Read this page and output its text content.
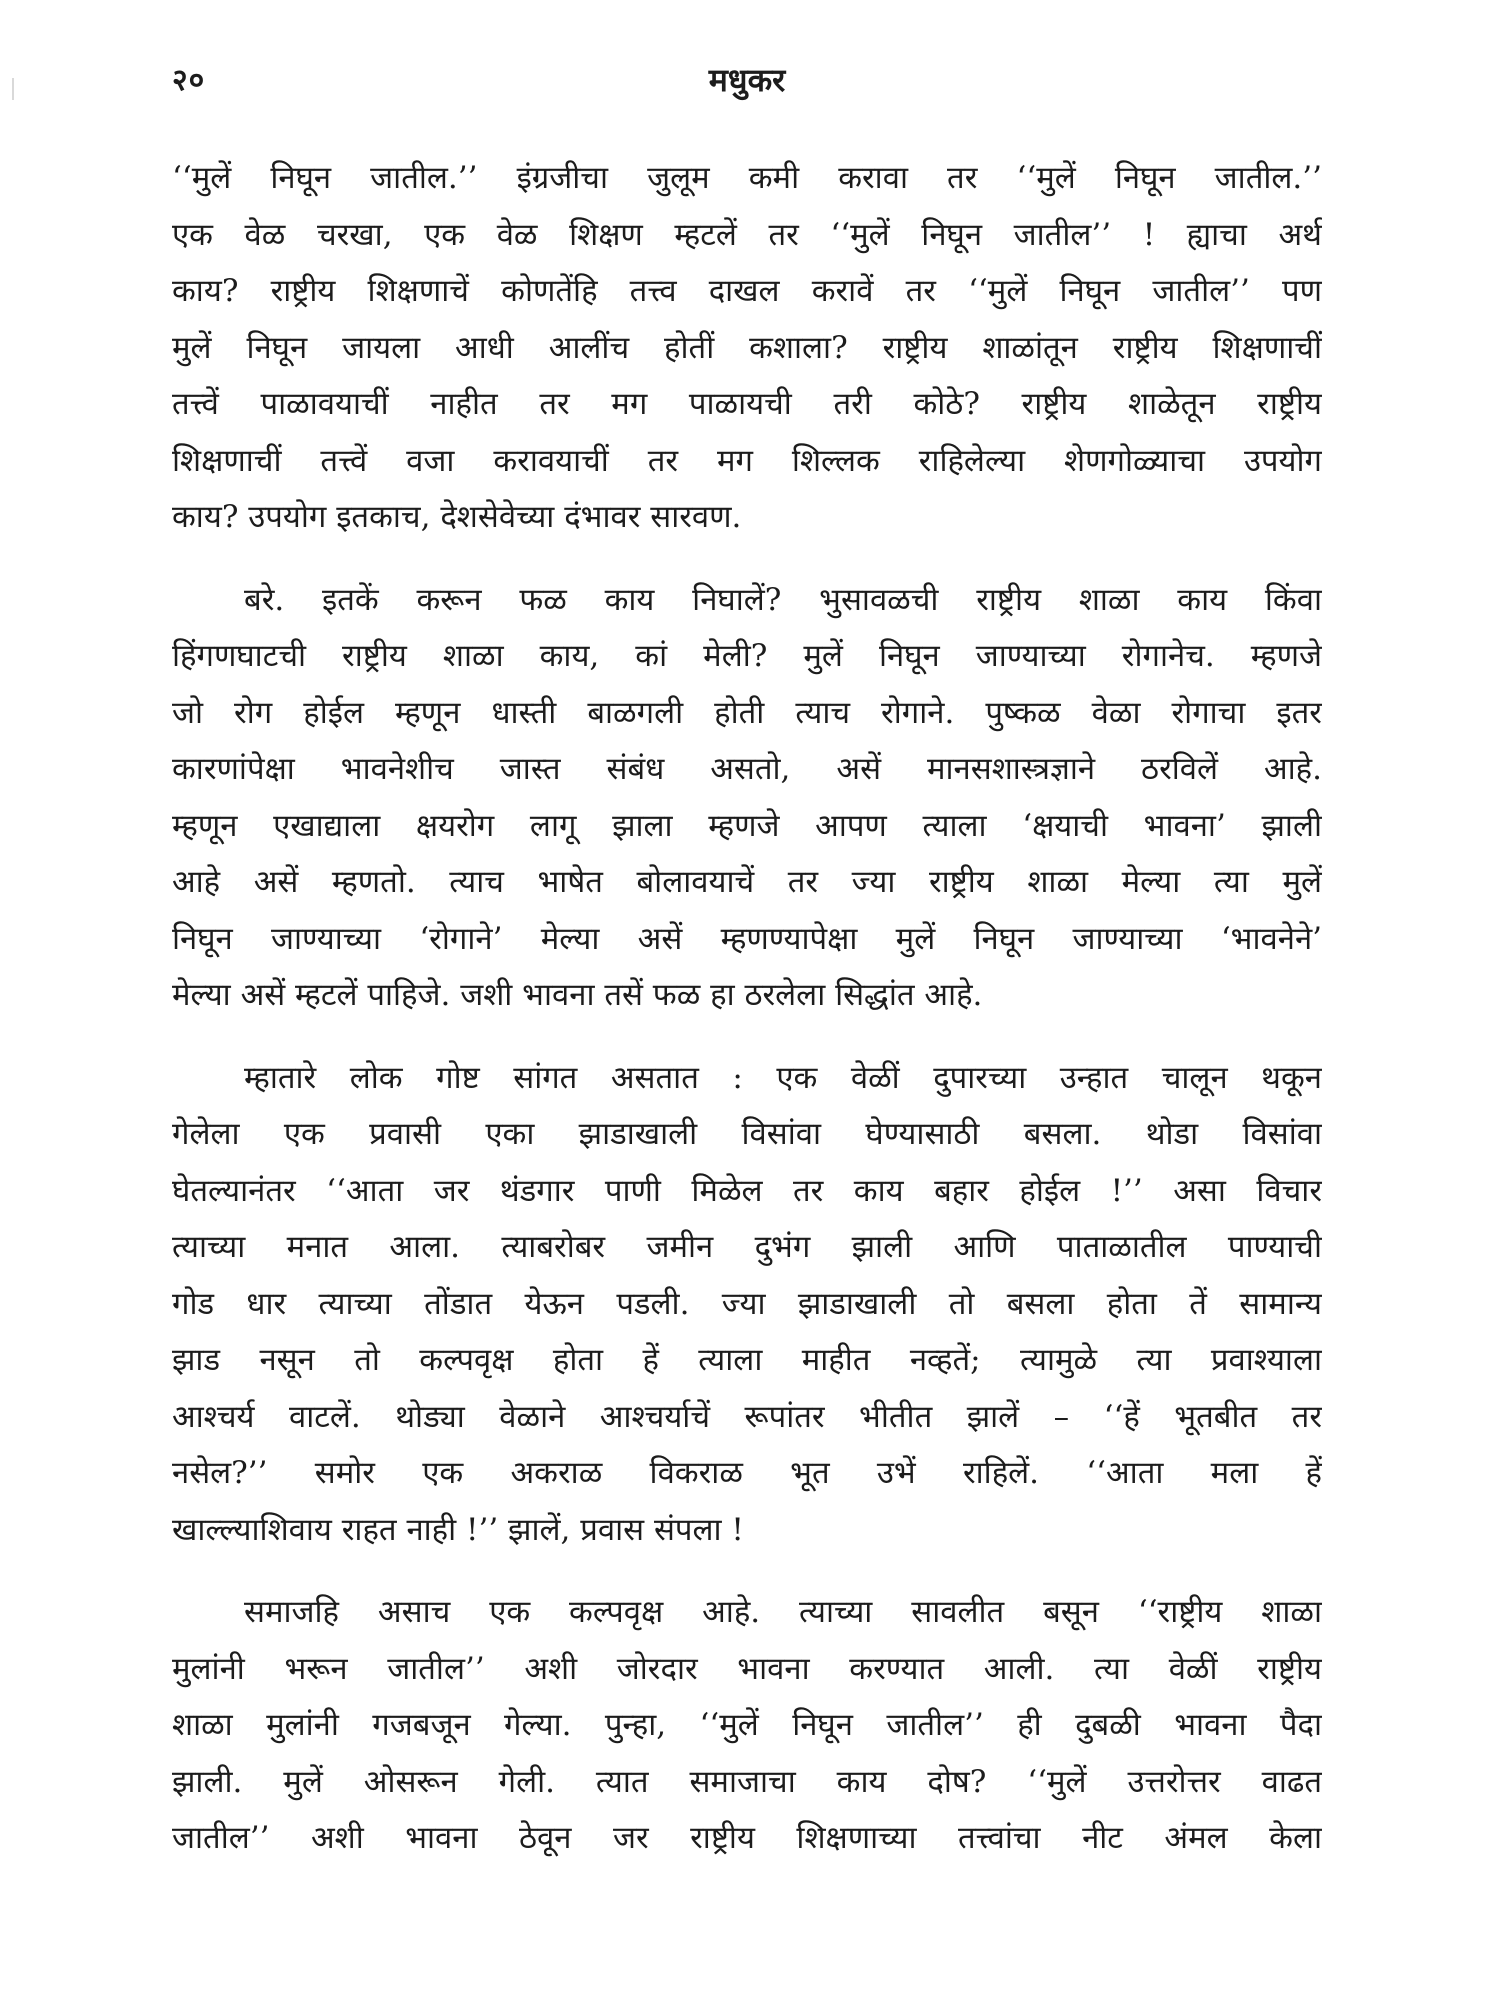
२०	मधुकर

‘‘मुलें निघून जातील.’’ इंग्रजीचा जुलूम कमी करावा तर ‘‘मुलें निघून जातील.’’
एक वेळ चरखा, एक वेळ शिक्षण म्हटलें तर ‘‘मुलें निघून जातील’’ ! ह्याचा अर्थ
काय? राष्ट्रीय शिक्षणाचें कोणतेंहि तत्त्व दाखल करावें तर ‘‘मुलें निघून जातील’’ पण
मुलें निघून जायला आधी आलींच होतीं कशाला? राष्ट्रीय शाळांतून राष्ट्रीय शिक्षणाचीं
तत्त्वें पाळावयाचीं नाहीत तर मग पाळायची तरी कोठे? राष्ट्रीय शाळेतून राष्ट्रीय
शिक्षणाचीं तत्त्वें वजा करावयाचीं तर मग शिल्लक राहिलेल्या शेणगोळ्याचा उपयोग
काय? उपयोग इतकाच, देशसेवेच्या दंभावर सारवण.

बरे. इतकें करून फळ काय निघालें? भुसावळची राष्ट्रीय शाळा काय किंवा
हिंगणघाटची राष्ट्रीय शाळा काय, कां मेली? मुलें निघून जाण्याच्या रोगानेच. म्हणजे
जो रोग होईल म्हणून धास्ती बाळगली होती त्याच रोगाने. पुष्कळ वेळा रोगाचा इतर
कारणांपेक्षा भावनेशीच जास्त संबंध असतो, असें मानसशास्त्रज्ञाने ठरविलें आहे.
म्हणून एखाद्याला क्षयरोग लागू झाला म्हणजे आपण त्याला ‘क्षयाची भावना’ झाली
आहे असें म्हणतो. त्याच भाषेत बोलावयाचें तर ज्या राष्ट्रीय शाळा मेल्या त्या मुलें
निघून जाण्याच्या ‘रोगाने’ मेल्या असें म्हणण्यापेक्षा मुलें निघून जाण्याच्या ‘भावनेने’
मेल्या असें म्हटलें पाहिजे. जशी भावना तसें फळ हा ठरलेला सिद्धांत आहे.

म्हातारे लोक गोष्ट सांगत असतात : एक वेळीं दुपारच्या उन्हात चालून थकून
गेलेला एक प्रवासी एका झाडाखाली विसांवा घेण्यासाठी बसला. थोडा विसांवा
घेतल्यानंतर ‘‘आता जर थंडगार पाणी मिळेल तर काय बहार होईल !’’ असा विचार
त्याच्या मनात आला. त्याबरोबर जमीन दुभंग झाली आणि पाताळातील पाण्याची
गोड धार त्याच्या तोंडात येऊन पडली. ज्या झाडाखाली तो बसला होता तें सामान्य
झाड नसून तो कल्पवृक्ष होता हें त्याला माहीत नव्हतें; त्यामुळे त्या प्रवाश्याला
आश्चर्य वाटलें. थोड्या वेळाने आश्चर्याचें रूपांतर भीतीत झालें – ‘‘हें भूतबीत तर
नसेल?’’ समोर एक अकराळ विकराळ भूत उभें राहिलें. ‘‘आता मला हें
खाल्ल्याशिवाय राहत नाही !’’ झालें, प्रवास संपला !

समाजहि असाच एक कल्पवृक्ष आहे. त्याच्या सावलीत बसून ‘‘राष्ट्रीय शाळा
मुलांनी भरून जातील’’ अशी जोरदार भावना करण्यात आली. त्या वेळीं राष्ट्रीय
शाळा मुलांनी गजबजून गेल्या. पुन्हा, ‘‘मुलें निघून जातील’’ ही दुबळी भावना पैदा
झाली. मुलें ओसरून गेली. त्यात समाजाचा काय दोष? ‘‘मुलें उत्तरोत्तर वाढत
जातील’’ अशी भावना ठेवून जर राष्ट्रीय शिक्षणाच्या तत्त्वांचा नीट अंमल केला
